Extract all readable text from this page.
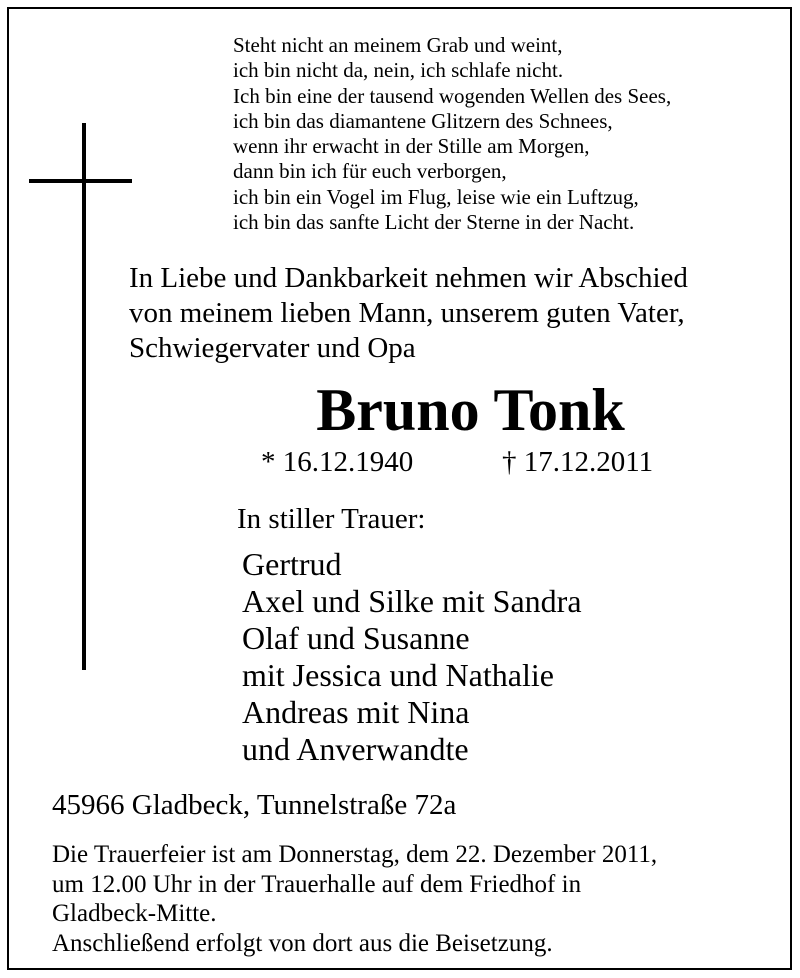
Steht nicht an meinem Grab und weint,
ich bin nicht da, nein, ich schlafe nicht.
Ich bin eine der tausend wogenden Wellen des Sees,
ich bin das diamantene Glitzern des Schnees,
wenn ihr erwacht in der Stille am Morgen,
dann bin ich für euch verborgen,
ich bin ein Vogel im Flug, leise wie ein Luftzug,
ich bin das sanfte Licht der Sterne in der Nacht.
In Liebe und Dankbarkeit nehmen wir Abschied
von meinem lieben Mann, unserem guten Vater,
Schwiegervater und Opa
Bruno Tonk
* 16.12.1940	† 17.12.2011
In stiller Trauer:
Gertrud
Axel und Silke mit Sandra
Olaf und Susanne
mit Jessica und Nathalie
Andreas mit Nina
und Anverwandte
45966 Gladbeck, Tunnelstraße 72a
Die Trauerfeier ist am Donnerstag, dem 22. Dezember 2011,
um 12.00 Uhr in der Trauerhalle auf dem Friedhof in
Gladbeck-Mitte.
Anschließend erfolgt von dort aus die Beisetzung.
